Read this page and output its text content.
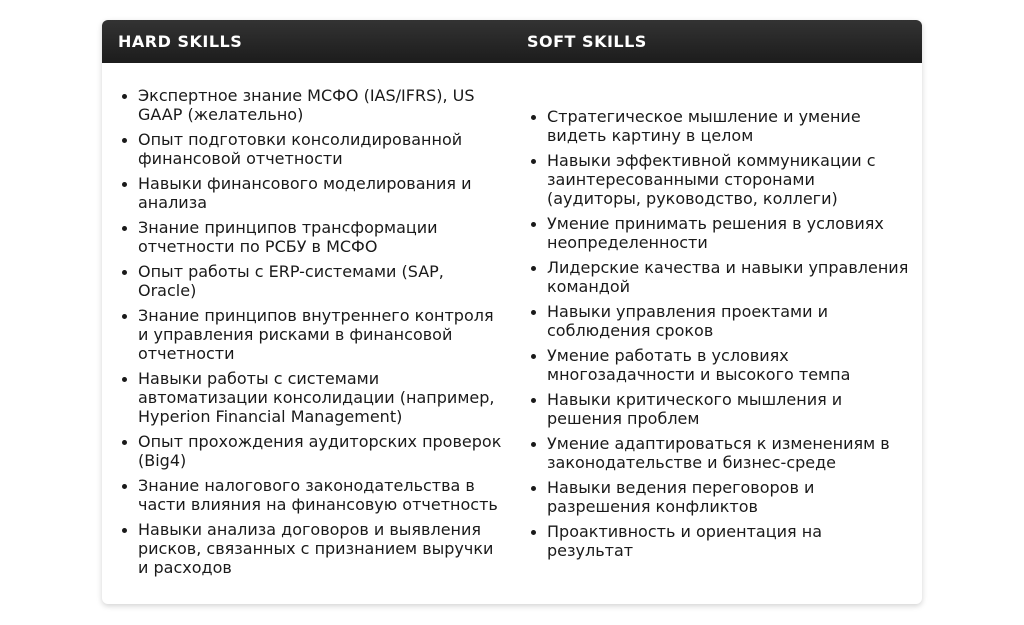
HARD SKILLS	SOFT SKILLS
• Экспертное знание МСФО (IAS/IFRS), US GAAP (желательно)
• Опыт подготовки консолидированной финансовой отчетности
• Навыки финансового моделирования и анализа
• Знание принципов трансформации отчетности по РСБУ в МСФО
• Опыт работы с ERP-системами (SAP, Oracle)
• Знание принципов внутреннего контроля и управления рисками в финансовой отчетности
• Навыки работы с системами автоматизации консолидации (например, Hyperion Financial Management)
• Опыт прохождения аудиторских проверок (Big4)
• Знание налогового законодательства в части влияния на финансовую отчетность
• Навыки анализа договоров и выявления рисков, связанных с признанием выручки и расходов
• Стратегическое мышление и умение видеть картину в целом
• Навыки эффективной коммуникации с заинтересованными сторонами (аудиторы, руководство, коллеги)
• Умение принимать решения в условиях неопределенности
• Лидерские качества и навыки управления командой
• Навыки управления проектами и соблюдения сроков
• Умение работать в условиях многозадачности и высокого темпа
• Навыки критического мышления и решения проблем
• Умение адаптироваться к изменениям в законодательстве и бизнес-среде
• Навыки ведения переговоров и разрешения конфликтов
• Проактивность и ориентация на результат
